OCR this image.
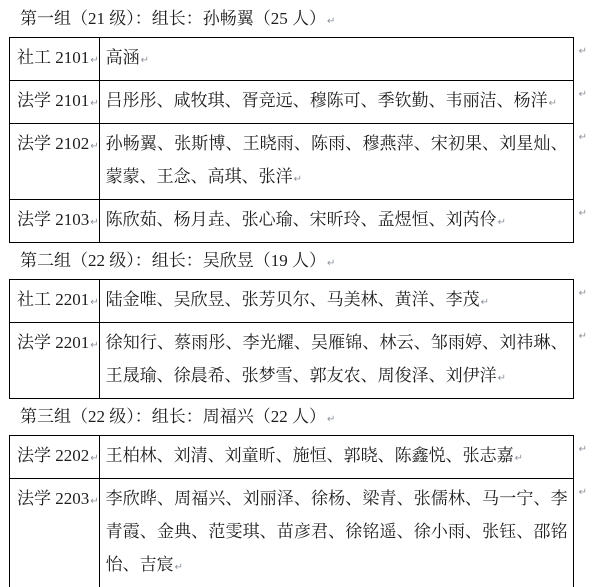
第一组（21 级）：组长：孙畅翼（25 人）↵
社工 2101↵	高涵↵	↵
法学 2101↵	吕彤彤、咸牧琪、胥竞远、穆陈可、季钦勤、韦丽洁、杨洋↵	↵
法学 2102↵	孙畅翼、张斯博、王晓雨、陈雨、穆燕萍、宋初果、刘星灿、蒙蒙、王念、高琪、张洋↵	↵
法学 2103↵	陈欣茹、杨月垚、张心瑜、宋昕玲、孟煜恒、刘芮伶↵	↵
第二组（22 级）：组长：吴欣昱（19 人）↵
社工 2201↵	陆金唯、吴欣昱、张芳贝尔、马美林、黄洋、李茂↵	↵
法学 2201↵	徐知行、蔡雨彤、李光耀、吴雁锦、林云、邹雨婷、刘祎琳、王晟瑜、徐晨希、张梦雪、郭友农、周俊泽、刘伊洋↵	↵
第三组（22 级）：组长：周福兴（22 人）↵
法学 2202↵	王柏林、刘清、刘童昕、施恒、郭晓、陈鑫悦、张志嘉↵	↵
法学 2203↵	李欣晔、周福兴、刘丽泽、徐杨、梁青、张儒林、马一宁、李青霞、金典、范雯琪、苗彦君、徐铭遥、徐小雨、张钰、邵铭怡、吉宸↵	↵
